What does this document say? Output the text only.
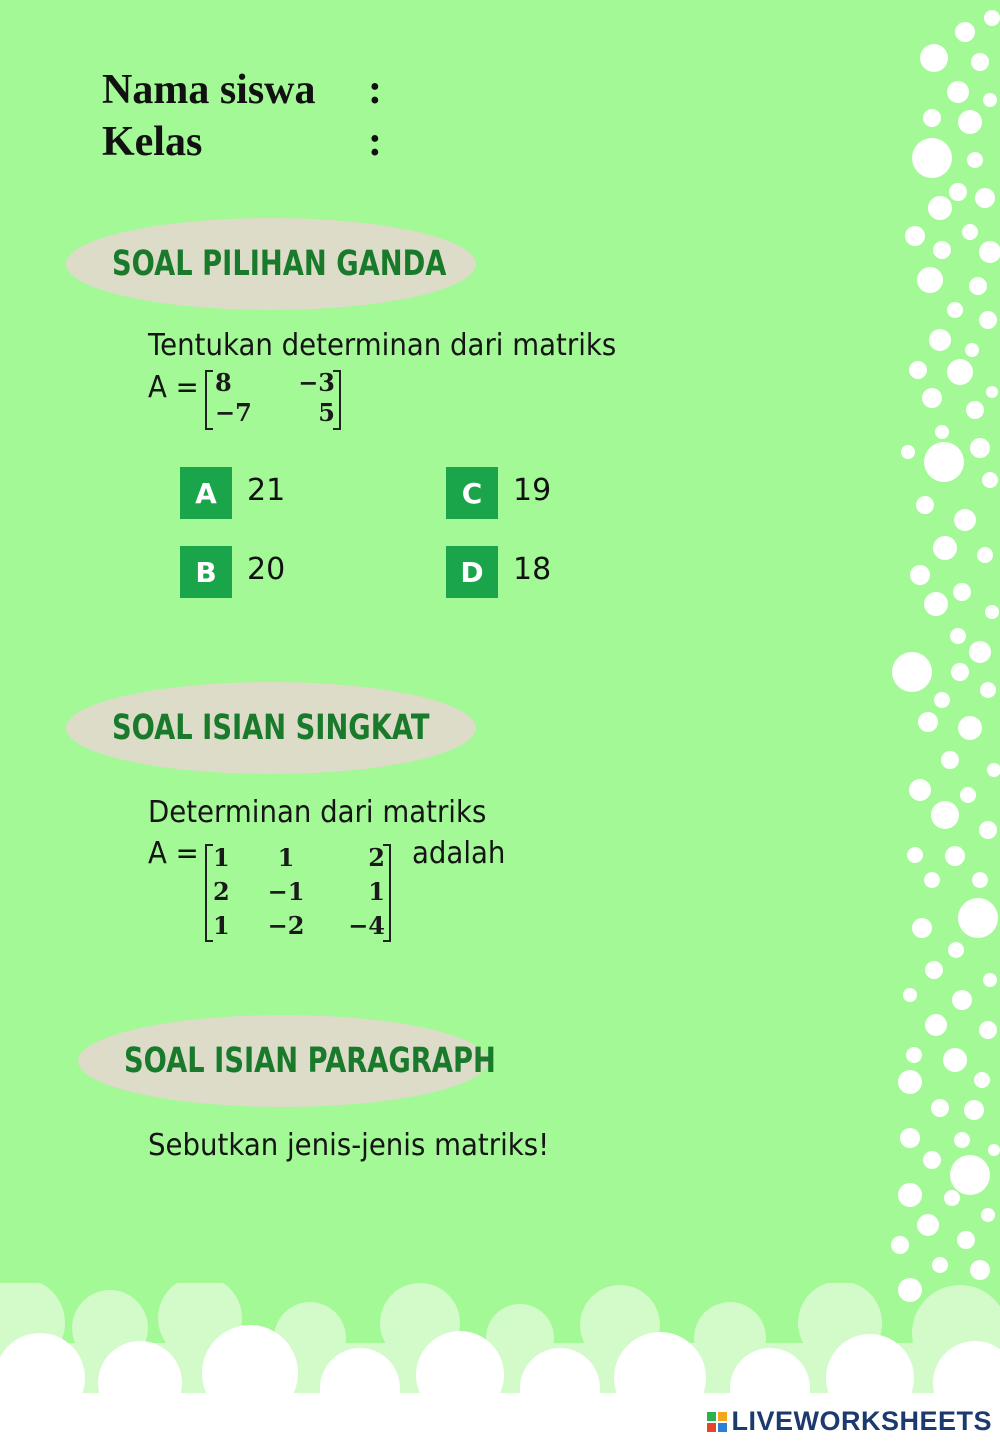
Nama siswa :
Kelas	:
SOAL PILIHAN GANDA
Tentukan determinan dari matriks
A = 8	−3
−7	5
A	21
B	20
C	19
D 18
SOAL ISIAN SINGKAT
Determinan dari matriks
A = 1	1	2
2	−1	1
1	−2	−4
adalah
SOAL ISIAN PARAGRAPH
Sebutkan jenis-jenis matriks!
LIVEWORKSHEETS
